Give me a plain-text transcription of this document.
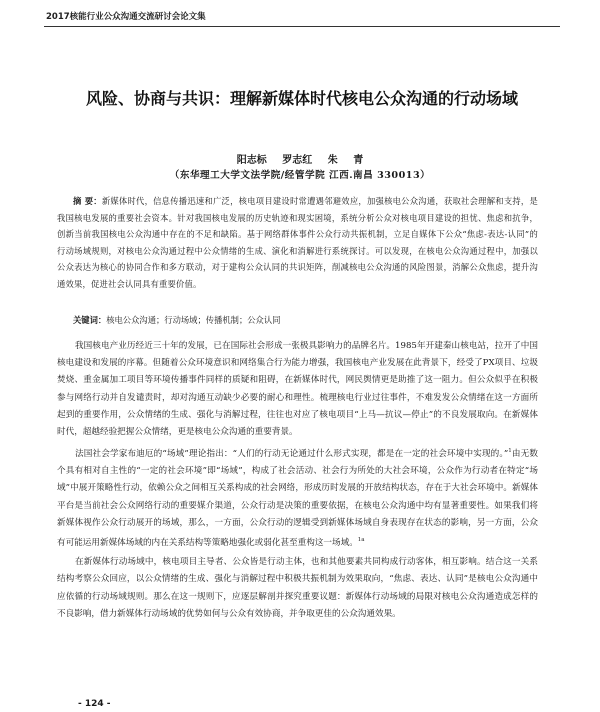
2017核能行业公众沟通交流研讨会论文集
风险、协商与共识：理解新媒体时代核电公众沟通的行动场域
阳志标 罗志红 朱 青
（东华理工大学文法学院/经管学院 江西.南昌 330013）
摘 要：新媒体时代，信息传播迅速和广泛，核电项目建设时常遭遇邻避效应，加强核电公众沟通，获取社会理解和支持，是我国核电发展的重要社会资本。针对我国核电发展的历史轨迹和现实困境，系统分析公众对核电项目建设的担忧、焦虑和抗争，创新当前我国核电公众沟通中存在的不足和缺陷。基于网络群体事件公众行动共振机制，立足自媒体下公众“焦虑-表达-认同”的行动场域规则，对核电公众沟通过程中公众情绪的生成、演化和消解进行系统探讨。可以发现，在核电公众沟通过程中，加强以公众表达为核心的协同合作和多方联动，对于建构公众认同的共识矩阵，削减核电公众沟通的风险图景，消解公众焦虑，提升沟通效果，促进社会认同具有重要价值。
关键词：核电公众沟通；行动场域；传播机制；公众认同

我国核电产业历经近三十年的发展，已在国际社会形成一张极具影响力的品牌名片。1985年开建秦山核电站，拉开了中国核电建设和发展的序幕。但随着公众环境意识和网络集合行为能力增强，我国核电产业发展在此背景下，经受了PX项目、垃圾焚烧、重金属加工项目等环境传播事件同样的质疑和阻碍，在新媒体时代，网民舆情更是助推了这一阻力。但公众似乎在积极参与网络行动并自发谴责时，却对沟通互动缺少必要的耐心和理性。梳理核电行业过往事件，不难发发公众情绪在这一方面所起到的重要作用，公众情绪的生成、强化与消解过程，往往也对应了核电项目“上马—抗议—停止”的不良发展取向。在新媒体时代，超越经验把握公众情绪，更是核电公众沟通的重要背景。

法国社会学家布迪厄的“场域”理论指出：“人们的行动无论通过什么形式实现，都是在一定的社会环境中实现的。”$^1$由无数个具有相对自主性的“一定的社会环境”即“场域”，构成了社会活动、社会行为所处的大社会环境，公众作为行动者在特定“场域”中展开策略性行动，依赖公众之间相互关系构成的社会网络，形成历时发展的开放结构状态，存在于大社会环境中。新媒体平台是当前社会公众网络行动的重要媒介渠道，公众行动是决策的重要依据，在核电公众沟通中均有显著重要性。如果我们将新媒体视作公众行动展开的场域，那么，一方面，公众行动的逻辑受到新媒体场域自身表现存在状态的影响，另一方面，公众有可能运用新媒体场域的内在关系结构等策略地强化或弱化甚至重构这一场域。$^{1a}$

在新媒体行动场域中，核电项目主导者、公众皆是行动主体，也和其他要素共同构成行动客体，相互影响。结合这一关系结构考察公众回应，以公众情绪的生成、强化与消解过程中积极共振机制为效果取向，“焦虑、表达、认同”是核电公众沟通中应依循的行动场域规则。那么在这一规则下，应逐层解剖并探究重要议题：新媒体行动场域的局限对核电公众沟通造成怎样的不良影响，借力新媒体行动场域的优势如何与公众有效协商，并争取更佳的公众沟通效果。

- 124 -
